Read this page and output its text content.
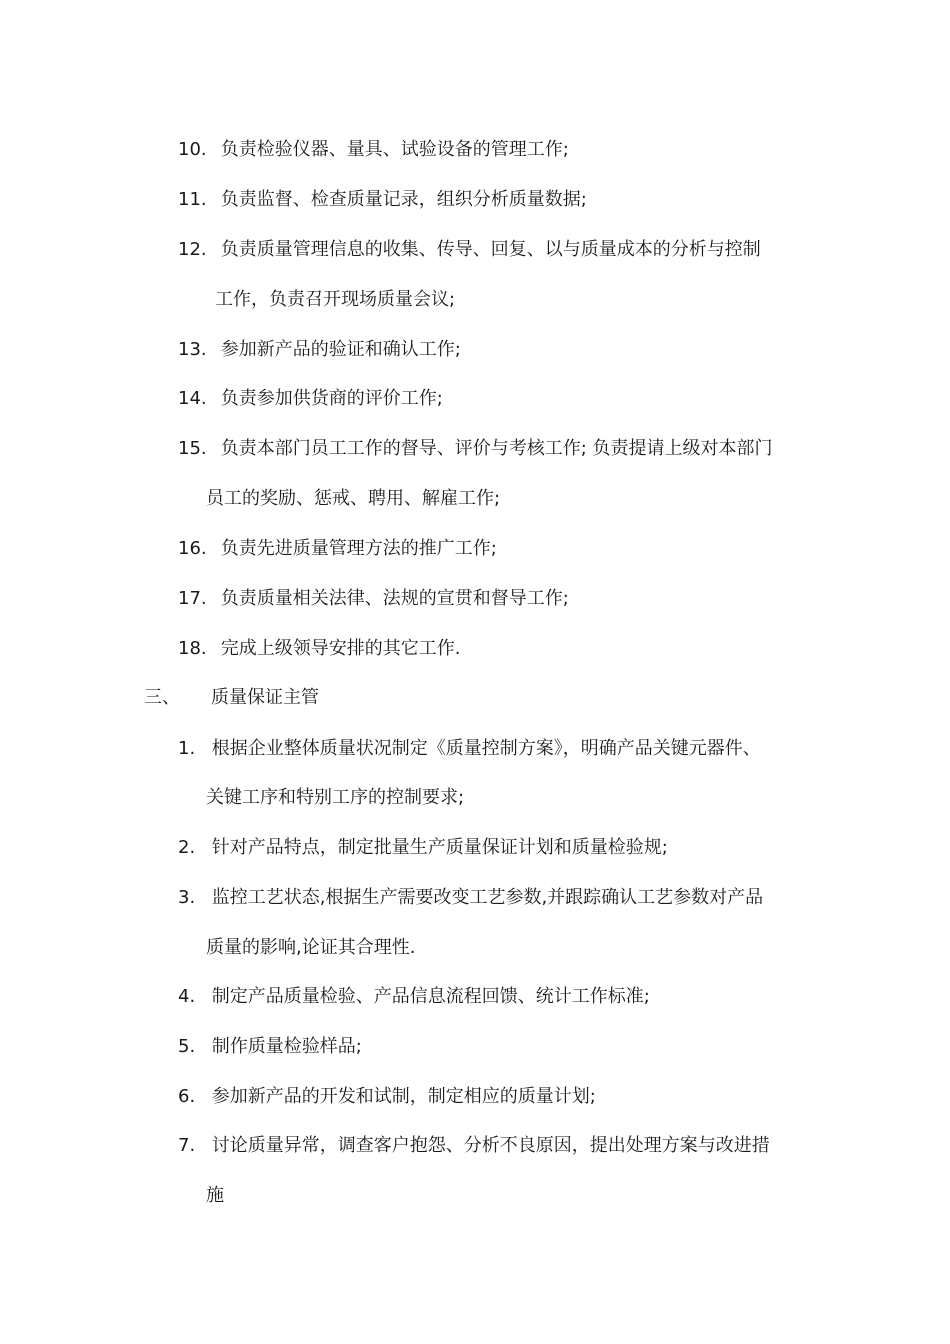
10. 负责检验仪器、量具、试验设备的管理工作;
11. 负责监督、检查质量记录，组织分析质量数据;
12. 负责质量管理信息的收集、传导、回复、以与质量成本的分析与控制
工作，负责召开现场质量会议;
13. 参加新产品的验证和确认工作;
14. 负责参加供货商的评价工作;
15. 负责本部门员工工作的督导、评价与考核工作; 负责提请上级对本部门
员工的奖励、惩戒、聘用、解雇工作;
16. 负责先进质量管理方法的推广工作;
17. 负责质量相关法律、法规的宣贯和督导工作;
18. 完成上级领导安排的其它工作.
三、 质量保证主管
1. 根据企业整体质量状况制定《质量控制方案》，明确产品关键元器件、
关键工序和特别工序的控制要求;
2. 针对产品特点，制定批量生产质量保证计划和质量检验规;
3. 监控工艺状态,根据生产需要改变工艺参数,并跟踪确认工艺参数对产品
质量的影响,论证其合理性.
4. 制定产品质量检验、产品信息流程回馈、统计工作标准;
5. 制作质量检验样品;
6. 参加新产品的开发和试制，制定相应的质量计划;
7. 讨论质量异常，调查客户抱怨、分析不良原因，提出处理方案与改进措
施
